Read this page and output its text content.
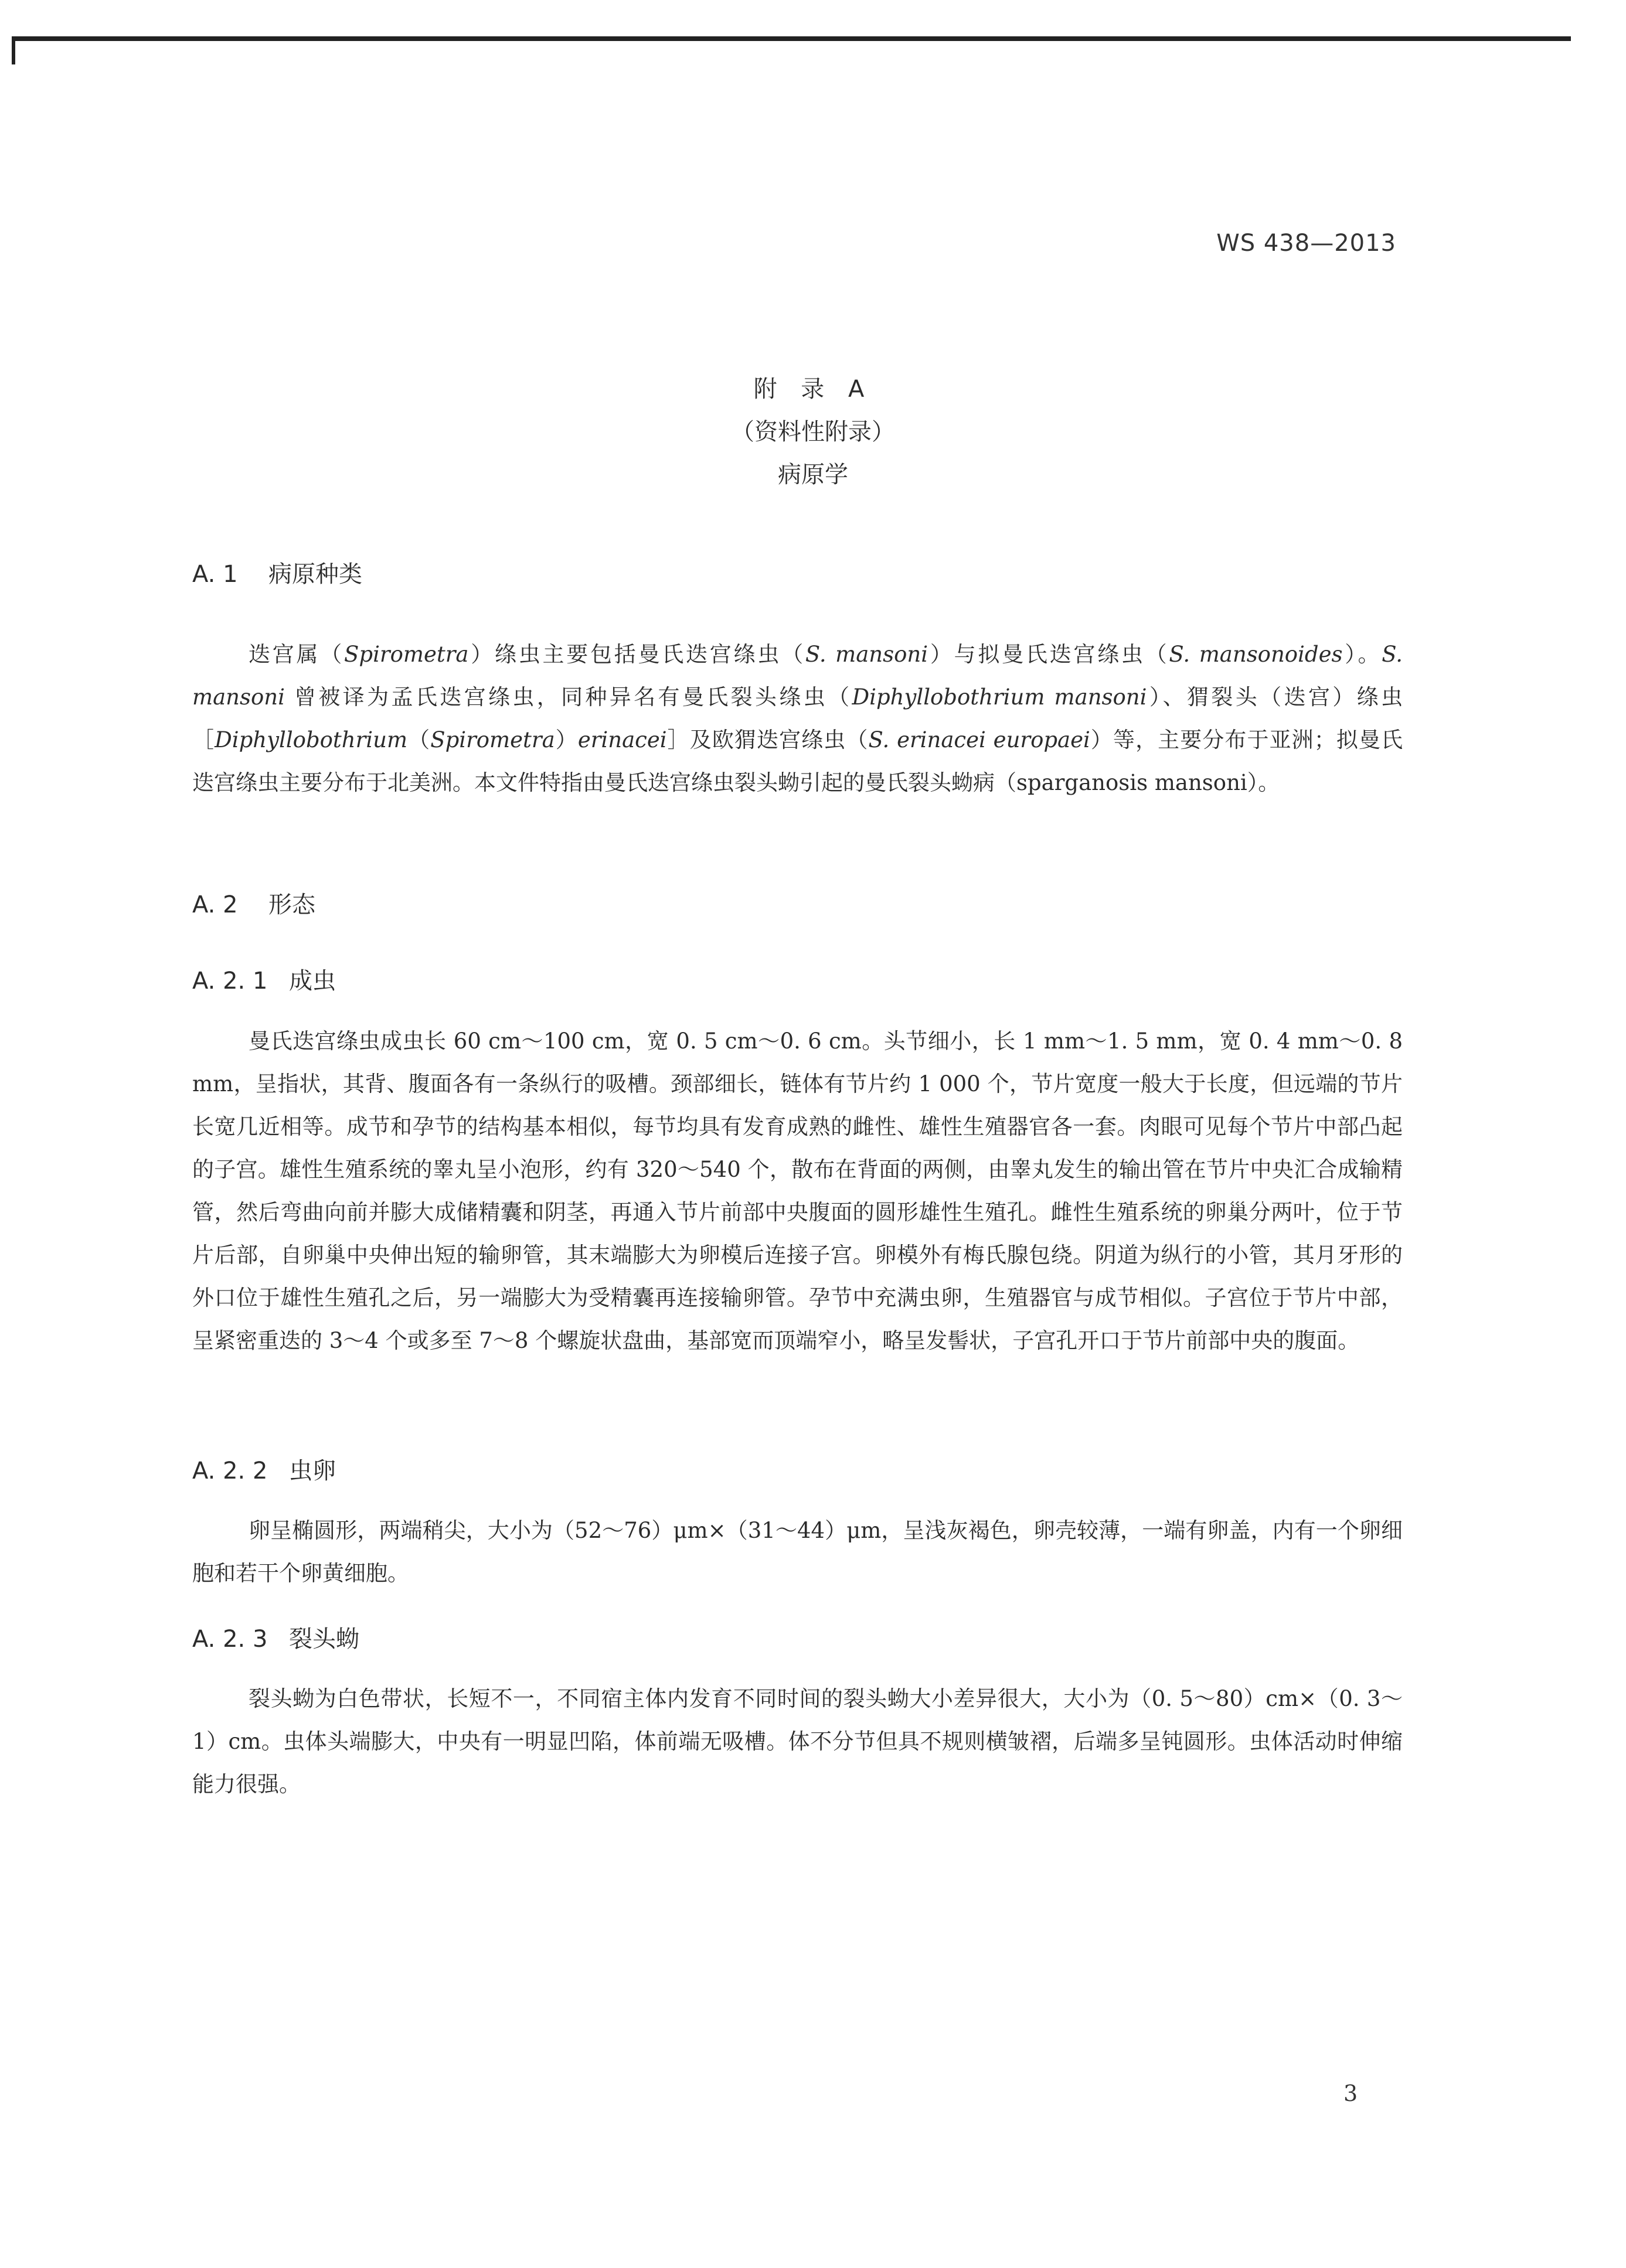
WS 438—2013
附 录 A
（资料性附录）
病原学
A. 1 病原种类

迭宫属（Spirometra）绦虫主要包括曼氏迭宫绦虫（S. mansoni）与拟曼氏迭宫绦虫（S. mansonoides）。S. mansoni 曾被译为孟氏迭宫绦虫，同种异名有曼氏裂头绦虫（Diphyllobothrium mansoni）、猬裂头（迭宫）绦虫［Diphyllobothrium（Spirometra）erinacei］及欧猬迭宫绦虫（S. erinacei europaei）等，主要分布于亚洲；拟曼氏迭宫绦虫主要分布于北美洲。本文件特指由曼氏迭宫绦虫裂头蚴引起的曼氏裂头蚴病（sparganosis mansoni）。

A. 2 形态
A. 2. 1 成虫

曼氏迭宫绦虫成虫长 60 cm～100 cm，宽 0. 5 cm～0. 6 cm。头节细小，长 1 mm～1. 5 mm，宽 0. 4 mm～0. 8 mm，呈指状，其背、腹面各有一条纵行的吸槽。颈部细长，链体有节片约 1 000 个，节片宽度一般大于长度，但远端的节片长宽几近相等。成节和孕节的结构基本相似，每节均具有发育成熟的雌性、雄性生殖器官各一套。肉眼可见每个节片中部凸起的子宫。雄性生殖系统的睾丸呈小泡形，约有 320～540 个，散布在背面的两侧，由睾丸发生的输出管在节片中央汇合成输精管，然后弯曲向前并膨大成储精囊和阴茎，再通入节片前部中央腹面的圆形雄性生殖孔。雌性生殖系统的卵巢分两叶，位于节片后部，自卵巢中央伸出短的输卵管，其末端膨大为卵模后连接子宫。卵模外有梅氏腺包绕。阴道为纵行的小管，其月牙形的外口位于雄性生殖孔之后，另一端膨大为受精囊再连接输卵管。孕节中充满虫卵，生殖器官与成节相似。子宫位于节片中部，呈紧密重迭的 3～4 个或多至 7～8 个螺旋状盘曲，基部宽而顶端窄小，略呈发髻状，子宫孔开口于节片前部中央的腹面。

A. 2. 2 虫卵

卵呈椭圆形，两端稍尖，大小为（52～76）μm×（31～44）μm，呈浅灰褐色，卵壳较薄，一端有卵盖，内有一个卵细胞和若干个卵黄细胞。

A. 2. 3 裂头蚴

裂头蚴为白色带状，长短不一，不同宿主体内发育不同时间的裂头蚴大小差异很大，大小为（0. 5～80）cm×（0. 3～1）cm。虫体头端膨大，中央有一明显凹陷，体前端无吸槽。体不分节但具不规则横皱褶，后端多呈钝圆形。虫体活动时伸缩能力很强。

3
